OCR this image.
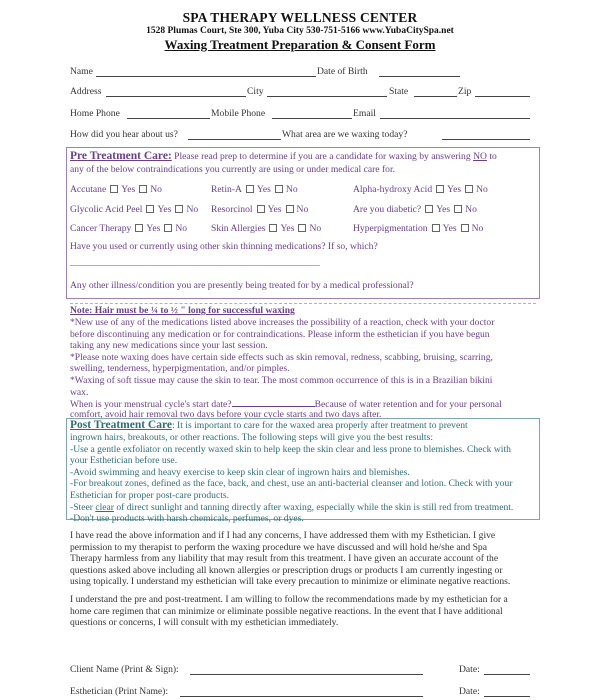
SPA THERAPY WELLNESS CENTER
1528 Plumas Court, Ste 300, Yuba City 530-751-5166 www.YubaCitySpa.net
Waxing Treatment Preparation & Consent Form
Name	Date of Birth
Address	City	State	Zip
Home Phone	Mobile Phone	Email
How did you hear about us?	What area are we waxing today?
Pre Treatment Care: Please read prep to determine if you are a candidate for waxing by answering NO to
any of the below contraindications you currently are using or under medical care for.
Accutane Yes No	Retin-A Yes No	Alpha-hydroxy Acid Yes No
Glycolic Acid Peel Yes No Resorcinol Yes No	Are you diabetic? Yes No
Cancer Therapy Yes No Skin Allergies Yes No	Hyperpigmentation Yes No
Have you used or currently using other skin thinning medications? If so, which?
Any other illness/condition you are presently being treated for by a medical professional?
Note: Hair must be ¼ to ½ " long for successful waxing
*New use of any of the medications listed above increases the possibility of a reaction, check with your doctor
before discontinuing any medication or for contraindications. Please inform the esthetician if you have begun
taking any new medications since your last session.
*Please note waxing does have certain side effects such as skin removal, redness, scabbing, bruising, scarring,
swelling, tenderness, hyperpigmentation, and/or pimples.
*Waxing of soft tissue may cause the skin to tear. The most common occurrence of this is in a Brazilian bikini
wax.
When is your menstrual cycle's start date?	Because of water retention and for your personal
comfort, avoid hair removal two days before your cycle starts and two days after.
Post Treatment Care: It is important to care for the waxed area properly after treatment to prevent
ingrown hairs, breakouts, or other reactions. The following steps will give you the best results:
-Use a gentle exfoliator on recently waxed skin to help keep the skin clear and less prone to blemishes. Check with
your Esthetician before use.
-Avoid swimming and heavy exercise to keep skin clear of ingrown hairs and blemishes.
-For breakout zones, defined as the face, back, and chest, use an anti-bacterial cleanser and lotion. Check with your
Esthetician for proper post-care products.
-Steer clear of direct sunlight and tanning directly after waxing, especially while the skin is still red from treatment.
-Don't use products with harsh chemicals, perfumes, or dyes.
I have read the above information and if I had any concerns, I have addressed them with my Esthetician. I give
permission to my therapist to perform the waxing procedure we have discussed and will hold he/she and Spa
Therapy harmless from any liability that may result from this treatment. I have given an accurate account of the
questions asked above including all known allergies or prescription drugs or products I am currently ingesting or
using topically. I understand my esthetician will take every precaution to minimize or eliminate negative reactions.
I understand the pre and post-treatment. I am willing to follow the recommendations made by my esthetician for a
home care regimen that can minimize or eliminate possible negative reactions. In the event that I have additional
questions or concerns, I will consult with my esthetician immediately.
Client Name (Print & Sign):	Date:
Esthetician (Print Name):	Date:
